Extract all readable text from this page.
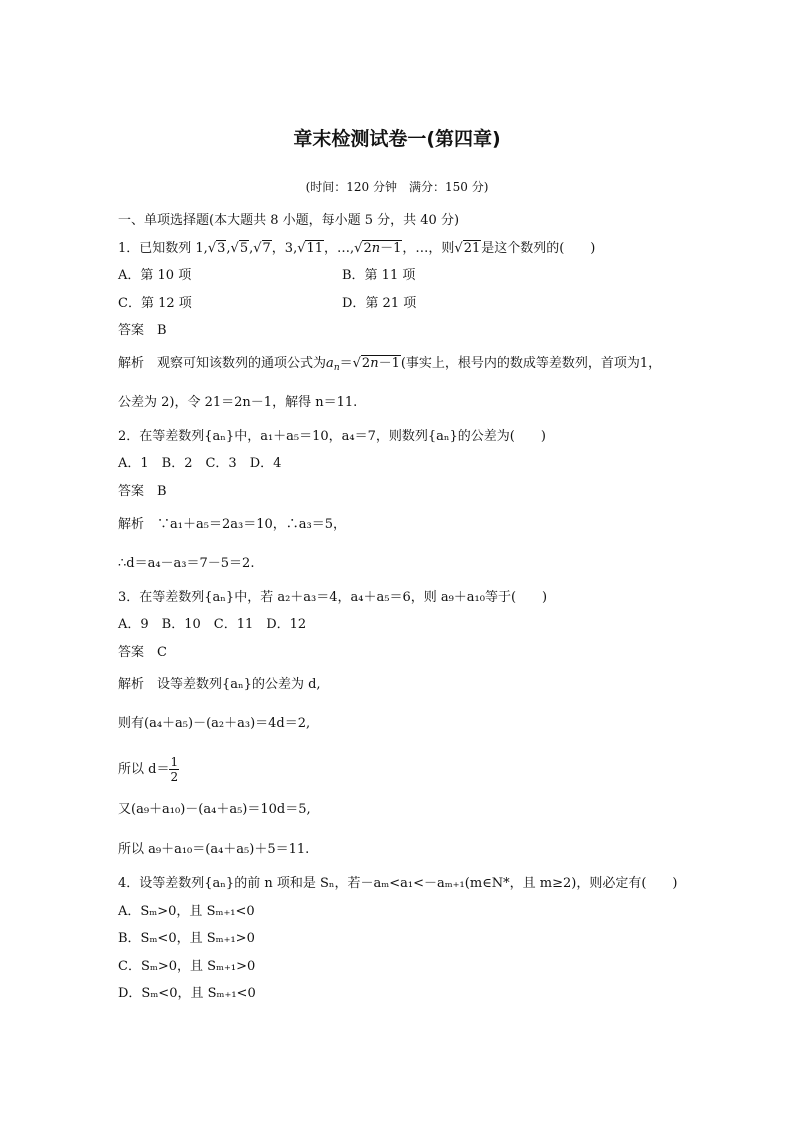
章末检测试卷一(第四章)
(时间：120 分钟　满分：150 分)
一、单项选择题(本大题共 8 小题，每小题 5 分，共 40 分)
1．已知数列 1,√3,√5,√7，3,√11，…,√2n－1，…，则√21是这个数列的(　　)
A．第 10 项	B．第 11 项
C．第 12 项	D．第 21 项
答案　 B
解析　 观察可知该数列的通项公式为$a_n=√2n-1$(事实上，根号内的数成等差数列，首项为1，
公差为 2)，令 21＝2n－1，解得 n＝11.
2．在等差数列{aₙ}中，a₁＋a₅＝10，a₄＝7，则数列{aₙ}的公差为(　　)
A．1　B．2　C．3　D．4
答案　 B
解析　 ∵a₁＋a₅＝2a₃＝10，∴a₃＝5，
∴d＝a₄－a₃＝7－5＝2.
3．在等差数列{aₙ}中，若 a₂＋a₃＝4，a₄＋a₅＝6，则 a₉＋a₁₀等于(　　)
A．9　B．10　C．11　D．12
答案　 C
解析　 设等差数列{aₙ}的公差为 d,
则有(a₄＋a₅)－(a₂＋a₃)＝4d＝2,
所以 $d= \frac{1}{2}$
又(a₉＋a₁₀)－(a₄＋a₅)＝10d＝5,
所以 a₉＋a₁₀＝(a₄＋a₅)＋5＝11.
4．设等差数列{aₙ}的前 n 项和是 Sₙ，若－aₘ<a₁<－aₘ₊₁(m∈N*，且 m≥2)，则必定有(　　)
A．Sₘ>0，且 Sₘ₊₁<0
B．Sₘ<0，且 Sₘ₊₁>0
C．Sₘ>0，且 Sₘ₊₁>0
D．Sₘ<0，且 Sₘ₊₁<0
